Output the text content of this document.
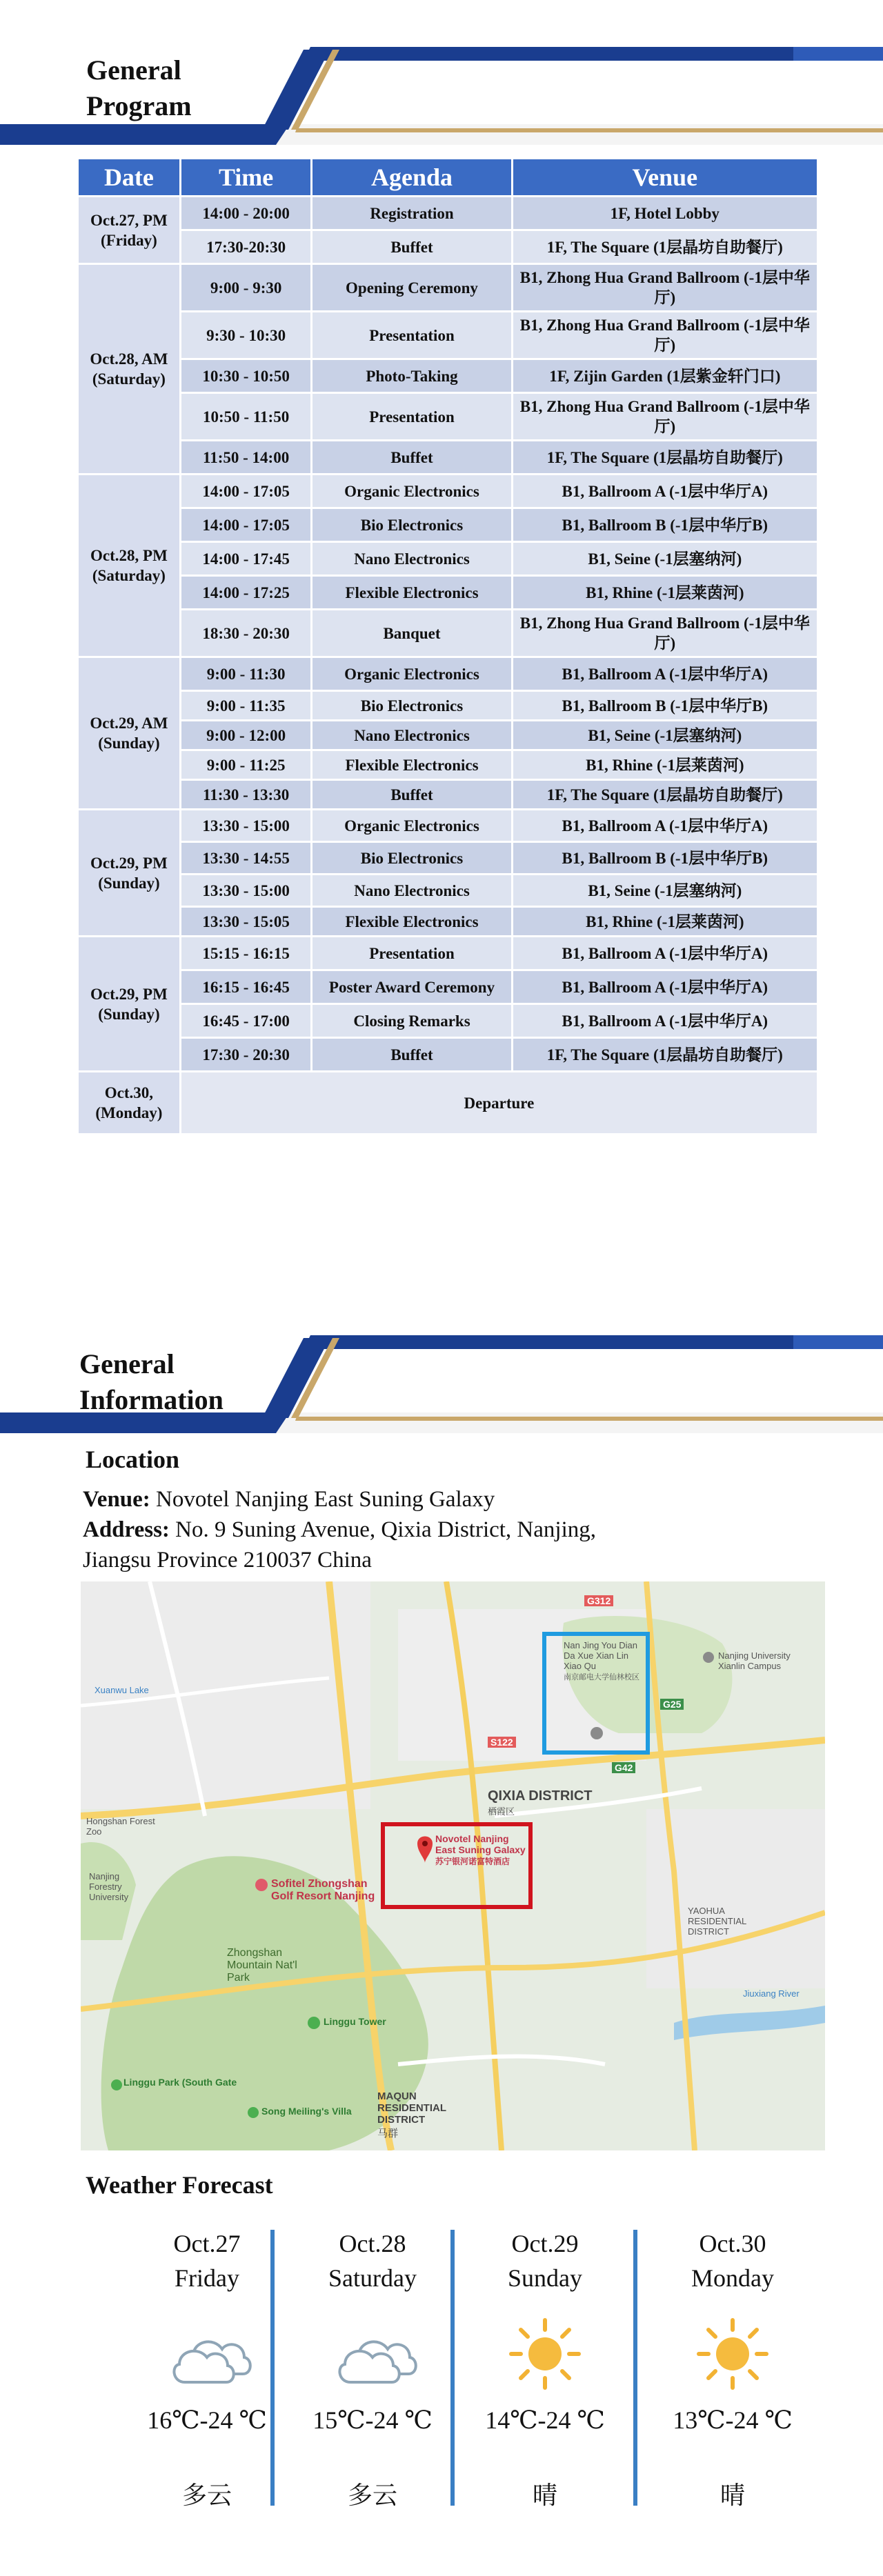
General
Program
Date	Time	Agenda	Venue

Oct.27, PM
(Friday)	14:00 - 20:00	Registration	1F, Hotel Lobby
	17:30-20:30	Buffet	1F, The Square (1层晶坊自助餐厅)

Oct.28, AM
(Saturday)	9:00 - 9:30	Opening Ceremony	B1, Zhong Hua Grand Ballroom (-1层中华厅)
	9:30 - 10:30	Presentation	B1, Zhong Hua Grand Ballroom (-1层中华厅)
	10:30 - 10:50	Photo-Taking	1F, Zijin Garden (1层紫金轩门口)
	10:50 - 11:50	Presentation	B1, Zhong Hua Grand Ballroom (-1层中华厅)
	11:50 - 14:00	Buffet	1F, The Square (1层晶坊自助餐厅)

Oct.28, PM
(Saturday)	14:00 - 17:05	Organic Electronics	B1, Ballroom A (-1层中华厅A)
	14:00 - 17:05	Bio Electronics	B1, Ballroom B (-1层中华厅B)
	14:00 - 17:45	Nano Electronics	B1, Seine (-1层塞纳河)
	14:00 - 17:25	Flexible Electronics	B1, Rhine (-1层莱茵河)
	18:30 - 20:30	Banquet	B1, Zhong Hua Grand Ballroom (-1层中华厅)

Oct.29, AM
(Sunday)	9:00 - 11:30	Organic Electronics	B1, Ballroom A (-1层中华厅A)
	9:00 - 11:35	Bio Electronics	B1, Ballroom B (-1层中华厅B)
	9:00 - 12:00	Nano Electronics	B1, Seine (-1层塞纳河)
	9:00 - 11:25	Flexible Electronics	B1, Rhine (-1层莱茵河)
	11:30 - 13:30	Buffet	1F, The Square (1层晶坊自助餐厅)

Oct.29, PM
(Sunday)	13:30 - 15:00	Organic Electronics	B1, Ballroom A (-1层中华厅A)
	13:30 - 14:55	Bio Electronics	B1, Ballroom B (-1层中华厅B)
	13:30 - 15:00	Nano Electronics	B1, Seine (-1层塞纳河)
	13:30 - 15:05	Flexible Electronics	B1, Rhine (-1层莱茵河)

Oct.29, PM
(Sunday)	15:15 - 16:15	Presentation	B1, Ballroom A (-1层中华厅A)
	16:15 - 16:45	Poster Award Ceremony	B1, Ballroom A (-1层中华厅A)
	16:45 - 17:00	Closing Remarks	B1, Ballroom A (-1层中华厅A)
	17:30 - 20:30	Buffet	1F, The Square (1层晶坊自助餐厅)

Oct.30,
(Monday)	Departure		
General
Information
Location
Venue: Novotel Nanjing East Suning Galaxy
Address: No. 9 Suning Avenue, Qixia District, Nanjing,
Jiangsu Province 210037 China
Novotel Nanjing East Suning Galaxy
苏宁银河诺富特酒店
Nan Jing You Dian Da Xue Xian Lin Xiao Qu
南京邮电大学仙林校区
Nanjing University Xianlin Campus
QIXIA DISTRICT
栖霞区
Sofitel Zhongshan Golf Resort Nanjing
Zhongshan Mountain Nat'l Park
Linggu Tower
Linggu Park (South Gate
Song Meiling's Villa
MAQUN RESIDENTIAL DISTRICT
马群
Nanjing Forestry University
Hongshan Forest Zoo
Jiuxiang River
YAOHUA RESIDENTIAL DISTRICT
Xuanwu Lake
G312
G42
S122
G25
Weather Forecast
Oct.27
Friday
16℃-24 ℃
多云
Oct.28
Saturday
15℃-24 ℃
多云
Oct.29
Sunday
14℃-24 ℃
晴
Oct.30
Monday
13℃-24 ℃
晴
